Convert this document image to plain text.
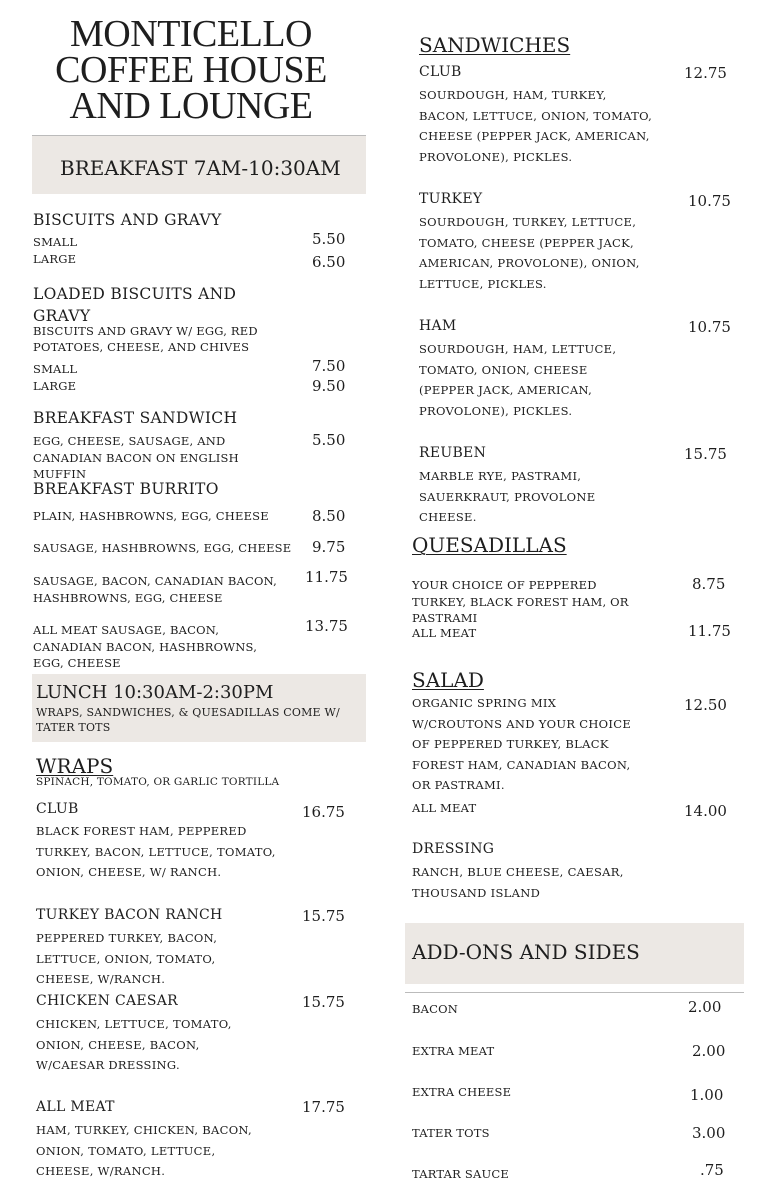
MONTICELLO COFFEE HOUSE AND LOUNGE
BREAKFAST 7AM-10:30AM
BISCUITS AND GRAVY
SMALL	5.50
LARGE	6.50
LOADED BISCUITS AND GRAVY
BISCUITS AND GRAVY W/ EGG, RED POTATOES, CHEESE, AND CHIVES
SMALL	7.50
LARGE	9.50
BREAKFAST SANDWICH
EGG, CHEESE, SAUSAGE, AND CANADIAN BACON ON ENGLISH MUFFIN
5.50
BREAKFAST BURRITO
PLAIN, HASHBROWNS, EGG, CHEESE	8.50
SAUSAGE, HASHBROWNS, EGG, CHEESE 9.75
SAUSAGE, BACON, CANADIAN BACON, HASHBROWNS, EGG, CHEESE
11.75
ALL MEAT SAUSAGE, BACON, CANADIAN BACON, HASHBROWNS, EGG, CHEESE
13.75
LUNCH 10:30AM-2:30PM
WRAPS, SANDWICHES, & QUESADILLAS COME W/ TATER TOTS
WRAPS
SPINACH, TOMATO, OR GARLIC TORTILLA
CLUB	16.75
BLACK FOREST HAM, PEPPERED TURKEY, BACON, LETTUCE, TOMATO, ONION, CHEESE, W/ RANCH.
TURKEY BACON RANCH	15.75
PEPPERED TURKEY, BACON, LETTUCE, ONION, TOMATO, CHEESE, W/RANCH.
CHICKEN CAESAR	15.75
CHICKEN, LETTUCE, TOMATO, ONION, CHEESE, BACON, W/CAESAR DRESSING.
ALL MEAT	17.75
HAM, TURKEY, CHICKEN, BACON, ONION, TOMATO, LETTUCE, CHEESE, W/RANCH.
SANDWICHES
CLUB	12.75
SOURDOUGH, HAM, TURKEY, BACON, LETTUCE, ONION, TOMATO, CHEESE (PEPPER JACK, AMERICAN, PROVOLONE), PICKLES.
TURKEY	10.75
SOURDOUGH, TURKEY, LETTUCE, TOMATO, CHEESE (PEPPER JACK, AMERICAN, PROVOLONE), ONION, LETTUCE, PICKLES.
HAM	10.75
SOURDOUGH, HAM, LETTUCE, TOMATO, ONION, CHEESE (PEPPER JACK, AMERICAN, PROVOLONE), PICKLES.
REUBEN	15.75
MARBLE RYE, PASTRAMI, SAUERKRAUT, PROVOLONE CHEESE.
QUESADILLAS
YOUR CHOICE OF PEPPERED TURKEY, BLACK FOREST HAM, OR PASTRAMI
8.75
ALL MEAT	11.75
SALAD
ORGANIC SPRING MIX W/CROUTONS AND YOUR CHOICE OF PEPPERED TURKEY, BLACK FOREST HAM, CANADIAN BACON, OR PASTRAMI.
12.50
ALL MEAT	14.00
DRESSING
RANCH, BLUE CHEESE, CAESAR, THOUSAND ISLAND
ADD-ONS AND SIDES
BACON	2.00
EXTRA MEAT	2.00
EXTRA CHEESE	1.00
TATER TOTS	3.00
TARTAR SAUCE	.75
